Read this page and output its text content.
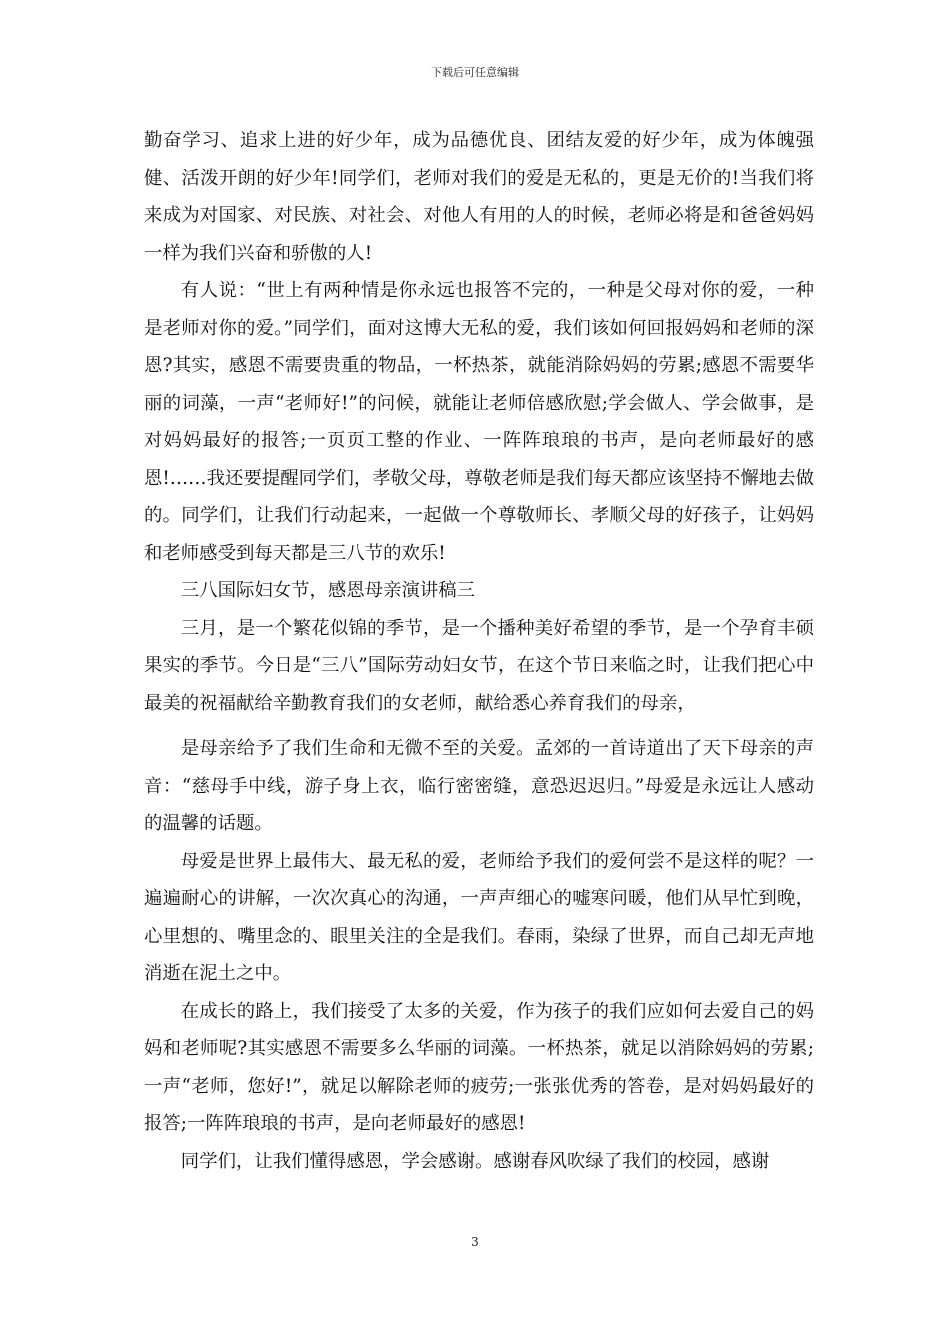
下载后可任意编辑

勤奋学习、追求上进的好少年，成为品德优良、团结友爱的好少年，成为体魄强健、活泼开朗的好少年!同学们，老师对我们的爱是无私的，更是无价的!当我们将来成为对国家、对民族、对社会、对他人有用的人的时候，老师必将是和爸爸妈妈一样为我们兴奋和骄傲的人!

有人说：“世上有两种情是你永远也报答不完的，一种是父母对你的爱，一种是老师对你的爱。”同学们，面对这博大无私的爱，我们该如何回报妈妈和老师的深恩?其实，感恩不需要贵重的物品，一杯热茶，就能消除妈妈的劳累;感恩不需要华丽的词藻，一声“老师好!”的问候，就能让老师倍感欣慰;学会做人、学会做事，是对妈妈最好的报答;一页页工整的作业、一阵阵琅琅的书声，是向老师最好的感恩!……我还要提醒同学们，孝敬父母，尊敬老师是我们每天都应该坚持不懈地去做的。同学们，让我们行动起来，一起做一个尊敬师长、孝顺父母的好孩子，让妈妈和老师感受到每天都是三八节的欢乐!

三八国际妇女节，感恩母亲演讲稿三

三月，是一个繁花似锦的季节，是一个播种美好希望的季节，是一个孕育丰硕果实的季节。今日是“三八”国际劳动妇女节，在这个节日来临之时，让我们把心中最美的祝福献给辛勤教育我们的女老师，献给悉心养育我们的母亲，

是母亲给予了我们生命和无微不至的关爱。孟郊的一首诗道出了天下母亲的声音：“慈母手中线，游子身上衣，临行密密缝，意恐迟迟归。”母爱是永远让人感动的温馨的话题。

母爱是世界上最伟大、最无私的爱，老师给予我们的爱何尝不是这样的呢？一遍遍耐心的讲解，一次次真心的沟通，一声声细心的嘘寒问暖，他们从早忙到晚，心里想的、嘴里念的、眼里关注的全是我们。春雨，染绿了世界，而自己却无声地消逝在泥土之中。

在成长的路上，我们接受了太多的关爱，作为孩子的我们应如何去爱自己的妈妈和老师呢?其实感恩不需要多么华丽的词藻。一杯热茶，就足以消除妈妈的劳累;一声“老师，您好!”，就足以解除老师的疲劳;一张张优秀的答卷，是对妈妈最好的报答;一阵阵琅琅的书声，是向老师最好的感恩!

同学们，让我们懂得感恩，学会感谢。感谢春风吹绿了我们的校园，感谢

3
